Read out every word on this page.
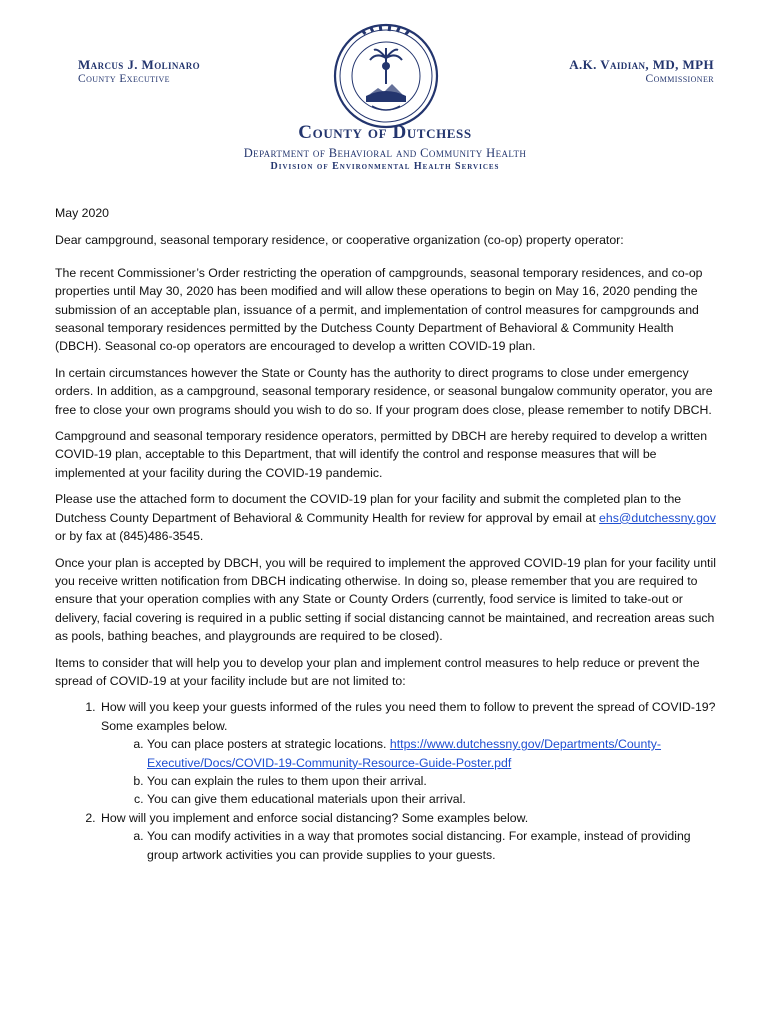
Marcus J. Molinaro
County Executive
A.K. Vaidian, MD, MPH
Commissioner
County of Dutchess
Department of Behavioral and Community Health
Division of Environmental Health Services

May 2020

Dear campground, seasonal temporary residence, or cooperative organization (co-op) property operator:

The recent Commissioner’s Order restricting the operation of campgrounds, seasonal temporary residences, and co-op properties until May 30, 2020 has been modified and will allow these operations to begin on May 16, 2020 pending the submission of an acceptable plan, issuance of a permit, and implementation of control measures for campgrounds and seasonal temporary residences permitted by the Dutchess County Department of Behavioral & Community Health (DBCH). Seasonal co-op operators are encouraged to develop a written COVID-19 plan.

In certain circumstances however the State or County has the authority to direct programs to close under emergency orders. In addition, as a campground, seasonal temporary residence, or seasonal bungalow community operator, you are free to close your own programs should you wish to do so. If your program does close, please remember to notify DBCH.

Campground and seasonal temporary residence operators, permitted by DBCH are hereby required to develop a written COVID-19 plan, acceptable to this Department, that will identify the control and response measures that will be implemented at your facility during the COVID-19 pandemic.

Please use the attached form to document the COVID-19 plan for your facility and submit the completed plan to the Dutchess County Department of Behavioral & Community Health for review for approval by email at ehs@dutchessny.gov or by fax at (845)486-3545.

Once your plan is accepted by DBCH, you will be required to implement the approved COVID-19 plan for your facility until you receive written notification from DBCH indicating otherwise. In doing so, please remember that you are required to ensure that your operation complies with any State or County Orders (currently, food service is limited to take-out or delivery, facial covering is required in a public setting if social distancing cannot be maintained, and recreation areas such as pools, bathing beaches, and playgrounds are required to be closed).

Items to consider that will help you to develop your plan and implement control measures to help reduce or prevent the spread of COVID-19 at your facility include but are not limited to:

1. How will you keep your guests informed of the rules you need them to follow to prevent the spread of COVID-19? Some examples below.
a. You can place posters at strategic locations. https://www.dutchessny.gov/Departments/County-Executive/Docs/COVID-19-Community-Resource-Guide-Poster.pdf
b. You can explain the rules to them upon their arrival.
c. You can give them educational materials upon their arrival.
2. How will you implement and enforce social distancing? Some examples below.
a. You can modify activities in a way that promotes social distancing. For example, instead of providing group artwork activities you can provide supplies to your guests.
